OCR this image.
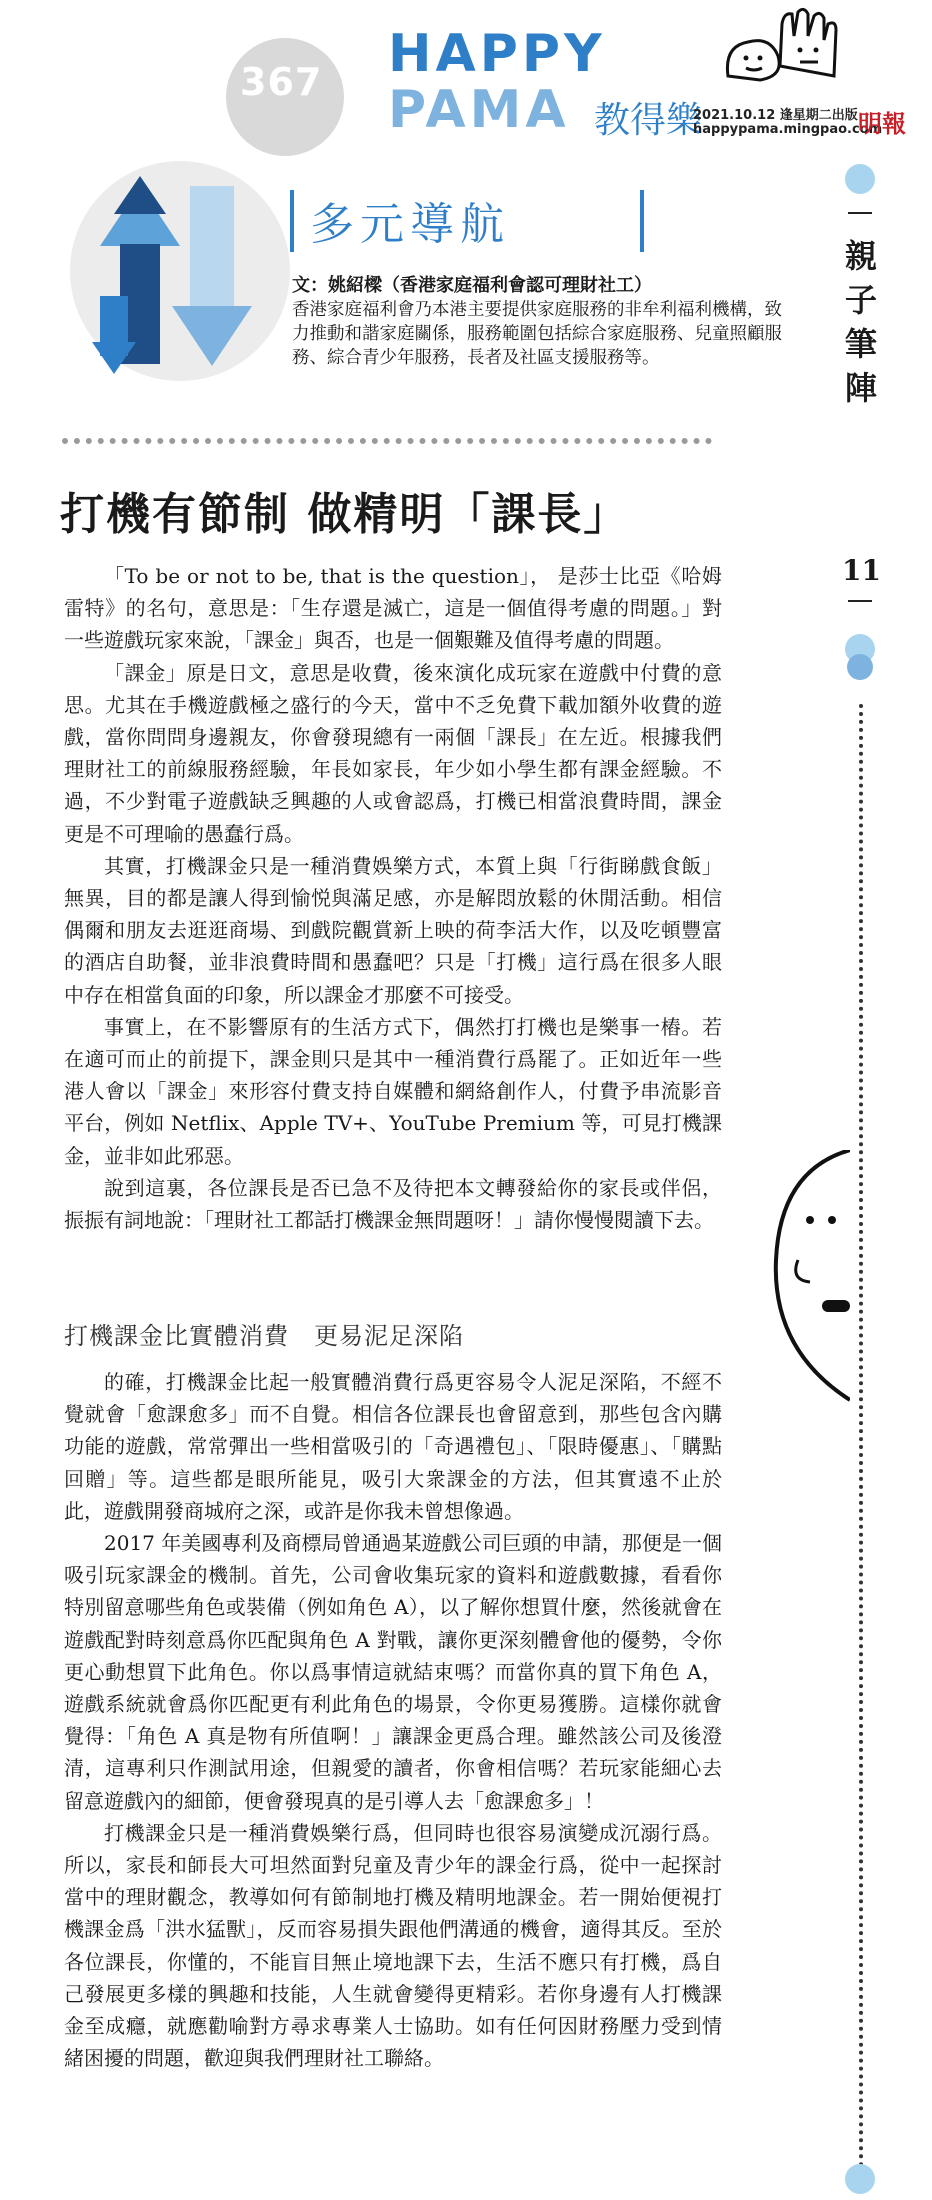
367 HAPPY
PAMA 教得樂
2021.10.12 逢星期二出版
happypama.mingpao.com
明報
多元導航
文：姚紹樑（香港家庭福利會認可理財社工）
香港家庭福利會乃本港主要提供家庭服務的非牟利福利機構，致力推動和諧家庭關係，服務範圍包括綜合家庭服務、兒童照顧服務、綜合青少年服務，長者及社區支援服務等。
親
子
筆
陣
11
打機有節制 做精明「課長」

「To be or not to be, that is the question」， 是莎士比亞《哈姆雷特》的名句，意思是：「生存還是滅亡，這是一個值得考慮的問題。」對一些遊戲玩家來說，「課金」與否，也是一個艱難及值得考慮的問題。

「課金」原是日文，意思是收費，後來演化成玩家在遊戲中付費的意思。尤其在手機遊戲極之盛行的今天，當中不乏免費下載加額外收費的遊戲，當你問問身邊親友，你會發現總有一兩個「課長」在左近。根據我們理財社工的前線服務經驗，年長如家長，年少如小學生都有課金經驗。不過，不少對電子遊戲缺乏興趣的人或會認爲，打機已相當浪費時間，課金更是不可理喻的愚蠢行爲。

其實，打機課金只是一種消費娛樂方式，本質上與「行街睇戲食飯」無異，目的都是讓人得到愉悦與滿足感，亦是解悶放鬆的休閒活動。相信偶爾和朋友去逛逛商場、到戲院觀賞新上映的荷李活大作，以及吃頓豐富的酒店自助餐，並非浪費時間和愚蠢吧？只是「打機」這行爲在很多人眼中存在相當負面的印象，所以課金才那麼不可接受。

事實上，在不影響原有的生活方式下，偶然打打機也是樂事一樁。若在適可而止的前提下，課金則只是其中一種消費行爲罷了。正如近年一些港人會以「課金」來形容付費支持自媒體和網絡創作人，付費予串流影音平台，例如 Netflix、Apple TV+、YouTube Premium 等，可見打機課金，並非如此邪惡。

說到這裏，各位課長是否已急不及待把本文轉發給你的家長或伴侶，振振有詞地說：「理財社工都話打機課金無問題呀！」請你慢慢閱讀下去。

打機課金比實體消費　更易泥足深陷

的確，打機課金比起一般實體消費行爲更容易令人泥足深陷，不經不覺就會「愈課愈多」而不自覺。相信各位課長也會留意到，那些包含內購功能的遊戲，常常彈出一些相當吸引的「奇遇禮包」、「限時優惠」、「購點回贈」等。這些都是眼所能見，吸引大衆課金的方法，但其實遠不止於此，遊戲開發商城府之深，或許是你我未曾想像過。

2017 年美國專利及商標局曾通過某遊戲公司巨頭的申請，那便是一個吸引玩家課金的機制。首先，公司會收集玩家的資料和遊戲數據，看看你特別留意哪些角色或裝備（例如角色 A），以了解你想買什麼，然後就會在遊戲配對時刻意爲你匹配與角色 A 對戰，讓你更深刻體會他的優勢，令你更心動想買下此角色。你以爲事情這就結束嗎？而當你真的買下角色 A，遊戲系統就會爲你匹配更有利此角色的場景，令你更易獲勝。這樣你就會覺得：「角色 A 真是物有所值啊！」讓課金更爲合理。雖然該公司及後澄清，這專利只作測試用途，但親愛的讀者，你會相信嗎？若玩家能細心去留意遊戲內的細節，便會發現真的是引導人去「愈課愈多」！

打機課金只是一種消費娛樂行爲，但同時也很容易演變成沉溺行爲。所以，家長和師長大可坦然面對兒童及青少年的課金行爲，從中一起探討當中的理財觀念，教導如何有節制地打機及精明地課金。若一開始便視打機課金爲「洪水猛獸」，反而容易損失跟他們溝通的機會，適得其反。至於各位課長，你懂的，不能盲目無止境地課下去，生活不應只有打機，爲自己發展更多樣的興趣和技能，人生就會變得更精彩。若你身邊有人打機課金至成癮，就應勸喻對方尋求專業人士協助。如有任何因財務壓力受到情緒困擾的問題，歡迎與我們理財社工聯絡。
